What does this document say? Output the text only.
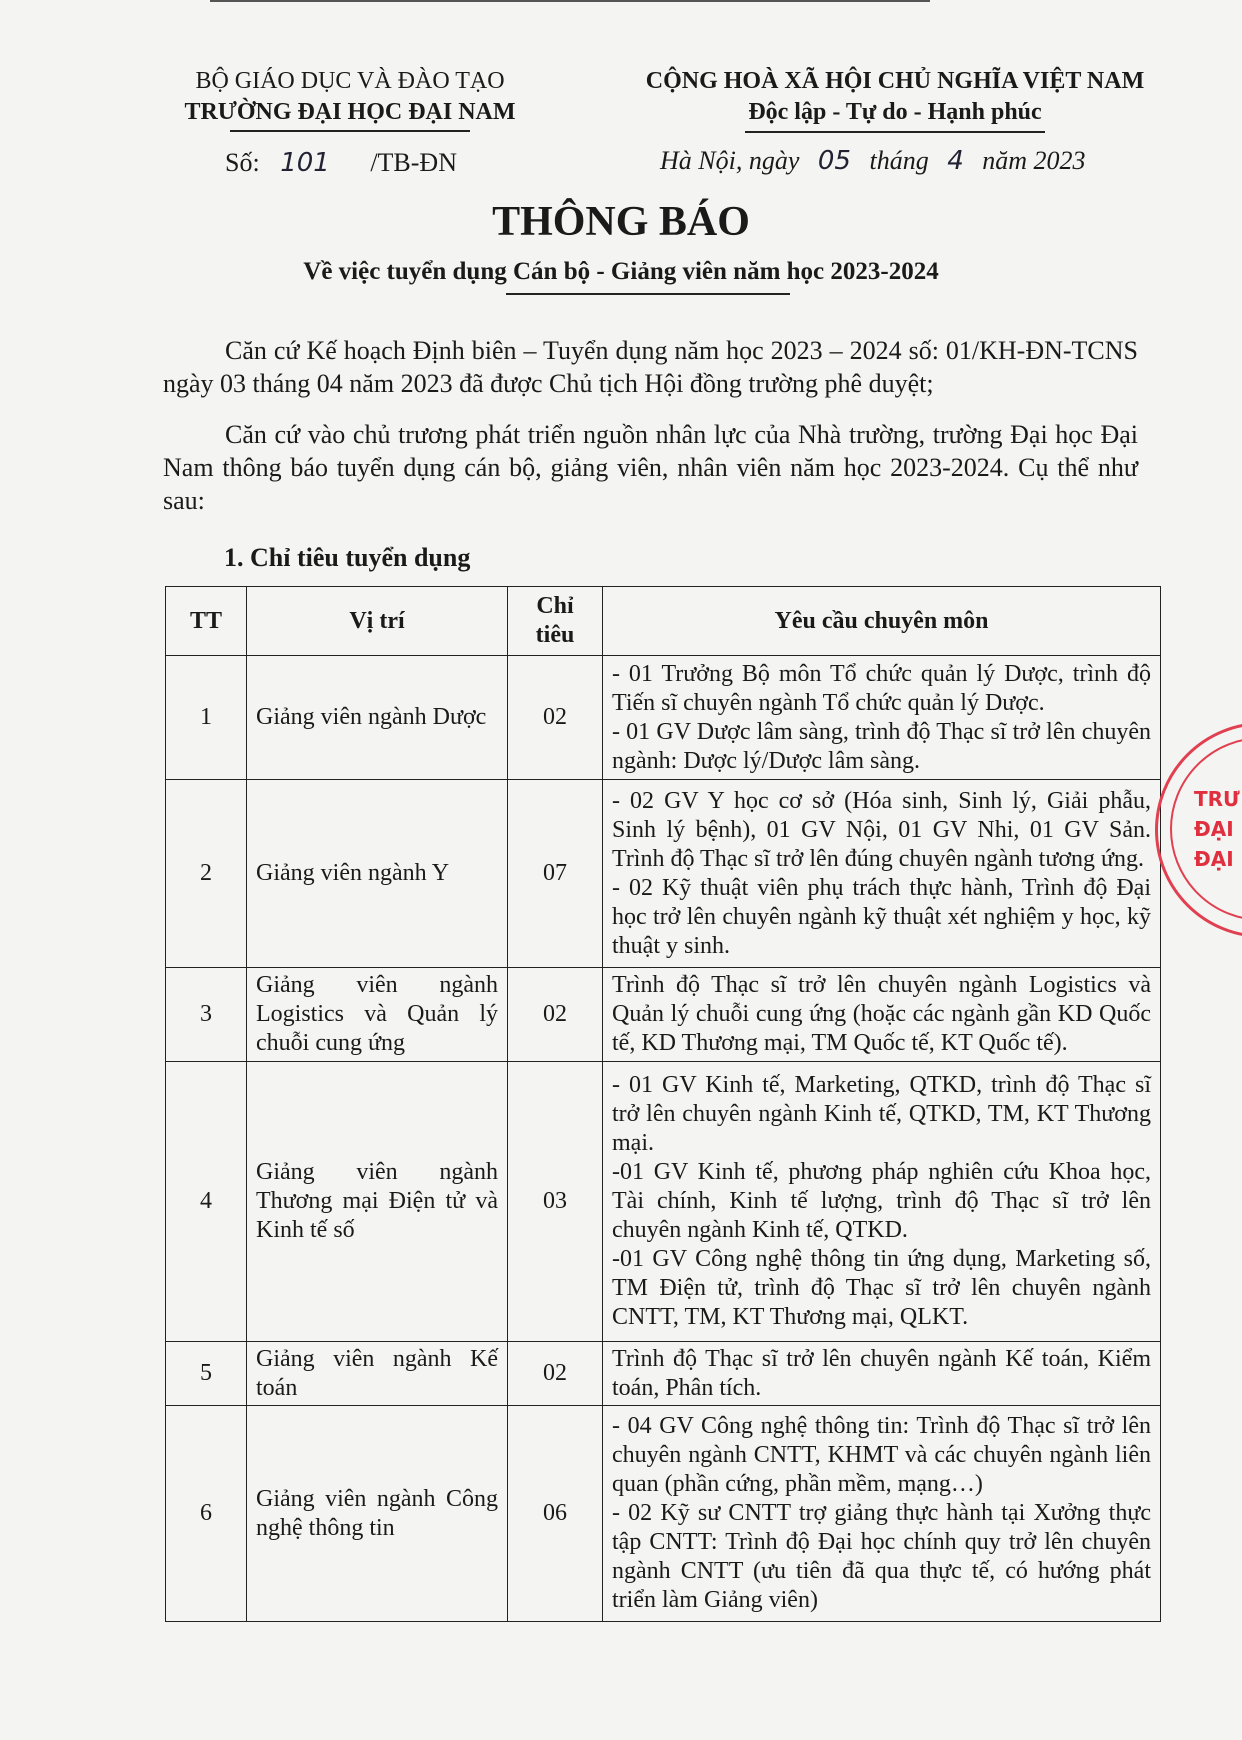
BỘ GIÁO DỤC VÀ ĐÀO TẠO
TRƯỜNG ĐẠI HỌC ĐẠI NAM
CỘNG HOÀ XÃ HỘI CHỦ NGHĨA VIỆT NAM
Độc lập - Tự do - Hạnh phúc
Số: 101 /TB-ĐN	Hà Nội, ngày 05 tháng 4 năm 2023
THÔNG BÁO
Về việc tuyển dụng Cán bộ - Giảng viên năm học 2023-2024
Căn cứ Kế hoạch Định biên – Tuyển dụng năm học 2023 – 2024 số: 01/KH-ĐN-TCNS ngày 03 tháng 04 năm 2023 đã được Chủ tịch Hội đồng trường phê duyệt;
Căn cứ vào chủ trương phát triển nguồn nhân lực của Nhà trường, trường Đại học Đại Nam thông báo tuyển dụng cán bộ, giảng viên, nhân viên năm học 2023-2024. Cụ thể như sau:
1. Chỉ tiêu tuyển dụng
TT	Vị trí	Chỉ tiêu	Yêu cầu chuyên môn
1	Giảng viên ngành Dược	02	- 01 Trưởng Bộ môn Tổ chức quản lý Dược, trình độ Tiến sĩ chuyên ngành Tổ chức quản lý Dược.
- 01 GV Dược lâm sàng, trình độ Thạc sĩ trở lên chuyên ngành: Dược lý/Dược lâm sàng.

2	Giảng viên ngành Y	07	- 02 GV Y học cơ sở (Hóa sinh, Sinh lý, Giải phẫu, Sinh lý bệnh), 01 GV Nội, 01 GV Nhi, 01 GV Sản. Trình độ Thạc sĩ trở lên đúng chuyên ngành tương ứng.
- 02 Kỹ thuật viên phụ trách thực hành, Trình độ Đại học trở lên chuyên ngành kỹ thuật xét nghiệm y học, kỹ thuật y sinh.

3	Giảng viên ngành Logistics và Quản lý chuỗi cung ứng	02	Trình độ Thạc sĩ trở lên chuyên ngành Logistics và Quản lý chuỗi cung ứng (hoặc các ngành gần KD Quốc tế, KD Thương mại, TM Quốc tế, KT Quốc tế).

4	Giảng viên ngành Thương mại Điện tử và Kinh tế số	03	- 01 GV Kinh tế, Marketing, QTKD, trình độ Thạc sĩ trở lên chuyên ngành Kinh tế, QTKD, TM, KT Thương mại.
-01 GV Kinh tế, phương pháp nghiên cứu Khoa học, Tài chính, Kinh tế lượng, trình độ Thạc sĩ trở lên chuyên ngành Kinh tế, QTKD.
-01 GV Công nghệ thông tin ứng dụng, Marketing số, TM Điện tử, trình độ Thạc sĩ trở lên chuyên ngành CNTT, TM, KT Thương mại, QLKT.

5	Giảng viên ngành Kế toán	02	Trình độ Thạc sĩ trở lên chuyên ngành Kế toán, Kiểm toán, Phân tích.

6	Giảng viên ngành Công nghệ thông tin	06	- 04 GV Công nghệ thông tin: Trình độ Thạc sĩ trở lên chuyên ngành CNTT, KHMT và các chuyên ngành liên quan (phần cứng, phần mềm, mạng…)
- 02 Kỹ sư CNTT trợ giảng thực hành tại Xưởng thực tập CNTT: Trình độ Đại học chính quy trở lên chuyên ngành CNTT (ưu tiên đã qua thực tế, có hướng phát triển làm Giảng viên)
TRƯ
ĐẠI
ĐẠI
